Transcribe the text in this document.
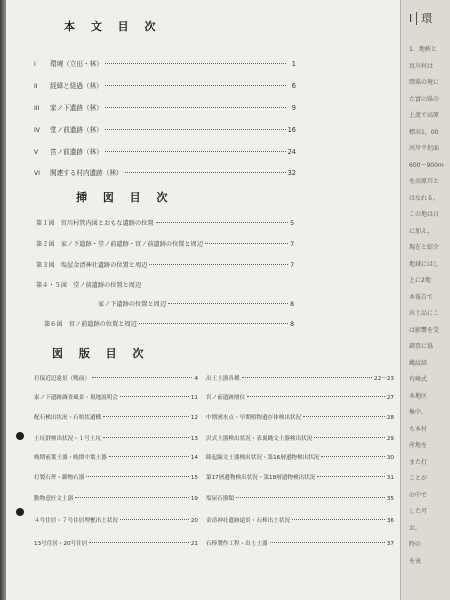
本 文 目 次
I	環境（立田・林）	1
II	経緯と経過（林）	6
III	家ノ下遺跡（林）	9
IV	堂ノ前遺跡（林）	16
V	宮ノ前遺跡（林）	24
VI	関連する村内遺跡（林）	32
挿 図 目 次
第１図　宮川村管内図とおもな遺跡の位置	5
第２図　家ノ下遺跡・堂ノ前遺跡・宮ノ前遺跡の位置と周辺	7
第３図　塩屋金清神社遺跡の位置と周辺	7
第４・５図　堂ノ前遺跡の位置と周辺
家ノ下遺跡の位置と周辺	8
第６図　宮ノ前遺跡の位置と周辺	8
図 版 目 次
打保近辺遠景（鵯前）	4
家ノ下遺跡調査風景・現地説明会	11
配石検出状況・石棺状遺構	12
土坑群検出状況・１号土坑	13
晩期前葉土器・晩期中葉土器	14
打製石斧・御物石器	15
動物意匠文土器	19
４号住居・７号住居埋甕出土状況	20
13号住居・20号住居	21
出土土器各種	22〜23
宮ノ前遺跡層位	27
中期湧水点・早期植物遺存体検出状況	28
沢式土器検出状況・表裏縄文土器検出状況	29
隆起線文土器検出状況・第16層遺物検出状況	30
第17層遺物検出状況・第18層遺物検出状況	31
塩屋石器類	35
金清神社遺跡遠景・石棒出土状況	36
石棒製作工程・出土土器	37
I 環
1．地峡と
宮川村は
岡県の境に
た富山県の
上流で高原
標高1，00
河岸平坦面
600〜900m
を高原川と
はなれる。
この地は日
に加え，
現在と紹介
地域にはし
上に2地
本報告で
出土品にこ
は影響を受
調査に協
縄紋結
有峰式
本地区
集中，
ち本村
産地を
また打
ことが
の中で
した可
お，
時の
を表
